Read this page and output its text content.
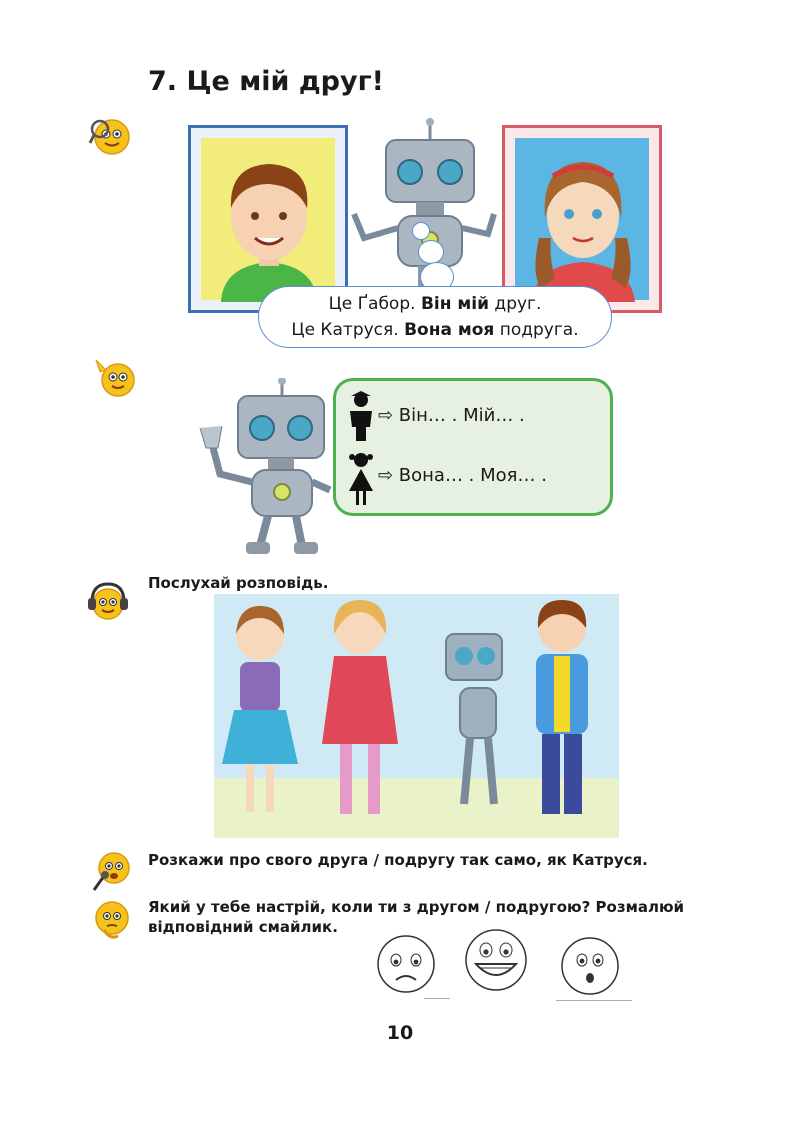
7. Це мій друг!
Це Ґабор. Він мій друг.
Це Катруся. Вона моя подруга.
⇨ Він… . Мій… .
⇨ Вона… . Моя… .
Послухай розповідь.
Розкажи про свого друга / подругу так само, як Катруся.
Який у тебе настрій, коли ти з другом / подругою? Розмалюй
відповідний смайлик.
10
